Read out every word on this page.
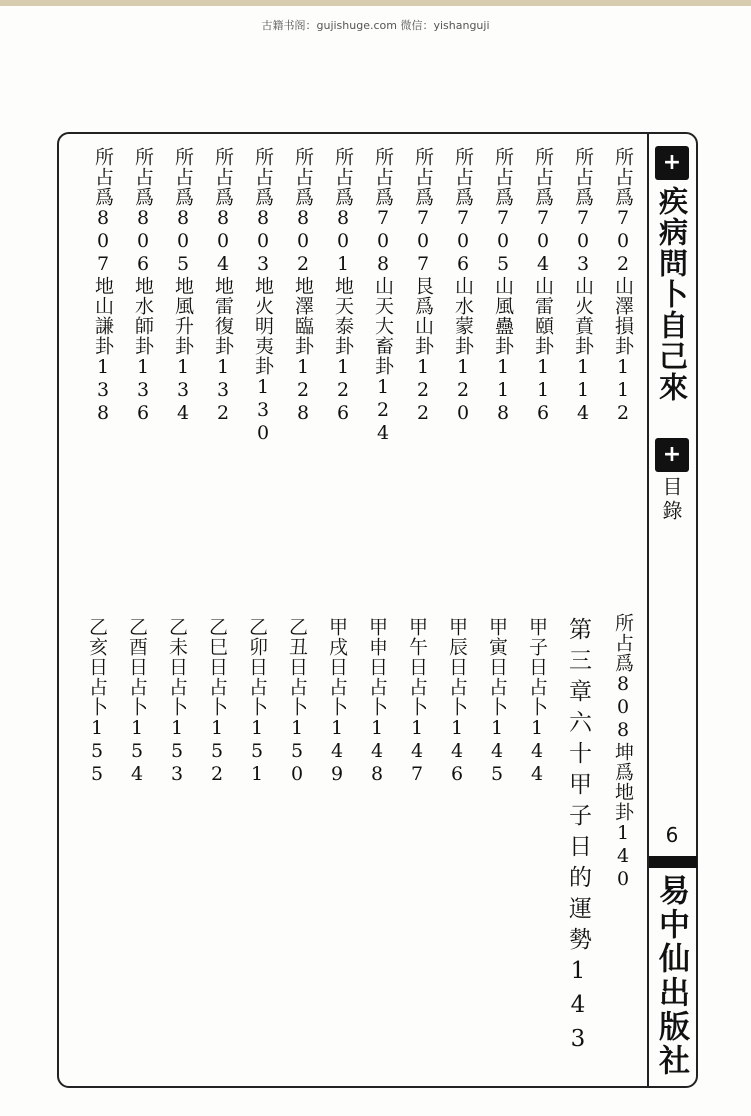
古籍书阁：gujishuge.com 微信：yishanguji
+
疾病問卜自己來
+
目錄
6
易中仙出版社
所占爲702山澤損卦112
所占爲703山火賁卦114
所占爲704山雷頤卦116
所占爲705山風蠱卦118
所占爲706山水蒙卦120
所占爲707艮爲山卦122
所占爲708山天大畜卦124
所占爲801地天泰卦126
所占爲802地澤臨卦128
所占爲803地火明夷卦130
所占爲804地雷復卦132
所占爲805地風升卦134
所占爲806地水師卦136
所占爲807地山謙卦138
所占爲808坤爲地卦140
第三章六十甲子日的運勢143
甲子日占卜144
甲寅日占卜145
甲辰日占卜146
甲午日占卜147
甲申日占卜148
甲戌日占卜149
乙丑日占卜150
乙卯日占卜151
乙巳日占卜152
乙未日占卜153
乙酉日占卜154
乙亥日占卜155
